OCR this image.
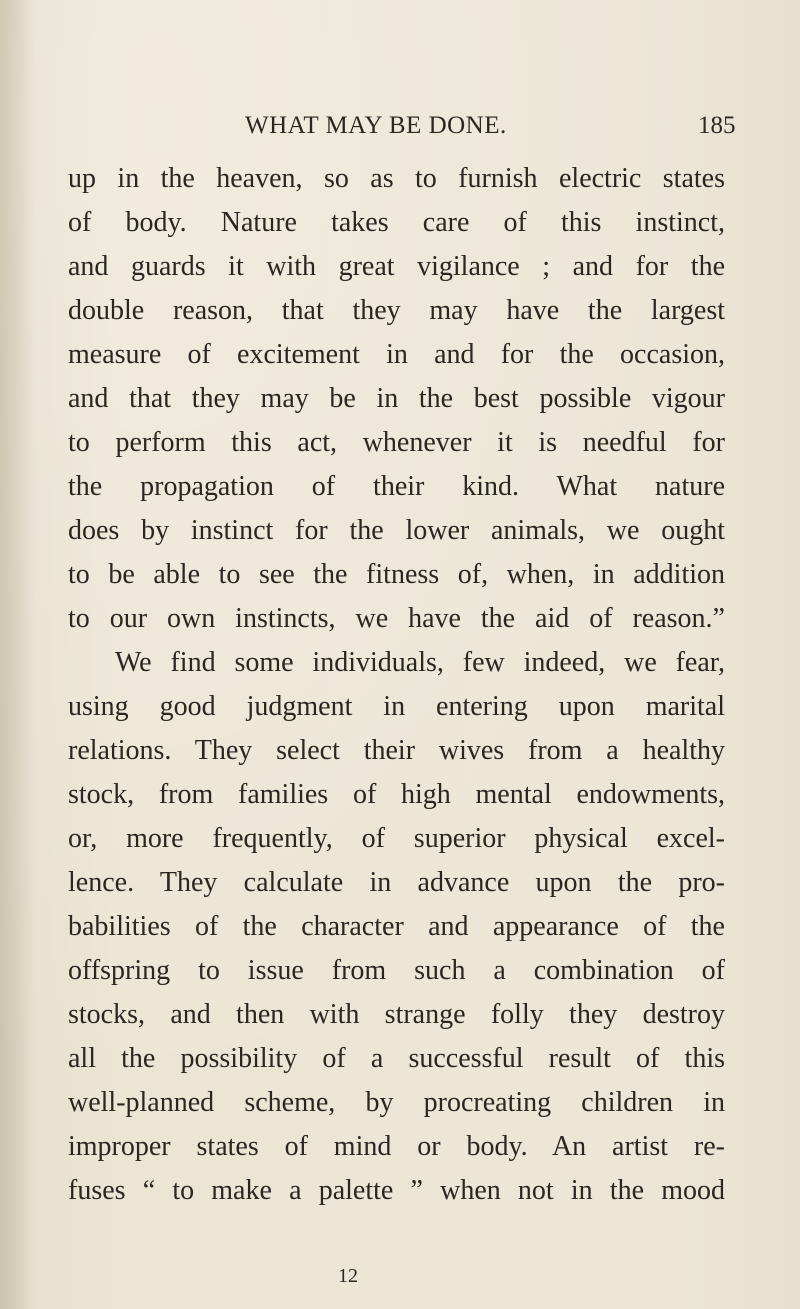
WHAT MAY BE DONE.	185
up in the heaven, so as to furnish electric states
of body. Nature takes care of this instinct,
and guards it with great vigilance ; and for the
double reason, that they may have the largest
measure of excitement in and for the occasion,
and that they may be in the best possible vigour
to perform this act, whenever it is needful for
the propagation of their kind. What nature
does by instinct for the lower animals, we ought
to be able to see the fitness of, when, in addition
to our own instincts, we have the aid of reason.”
We find some individuals, few indeed, we fear,
using good judgment in entering upon marital
relations. They select their wives from a healthy
stock, from families of high mental endowments,
or, more frequently, of superior physical excel-
lence. They calculate in advance upon the pro-
babilities of the character and appearance of the
offspring to issue from such a combination of
stocks, and then with strange folly they destroy
all the possibility of a successful result of this
well-planned scheme, by procreating children in
improper states of mind or body. An artist re-
fuses “ to make a palette ” when not in the mood
12
